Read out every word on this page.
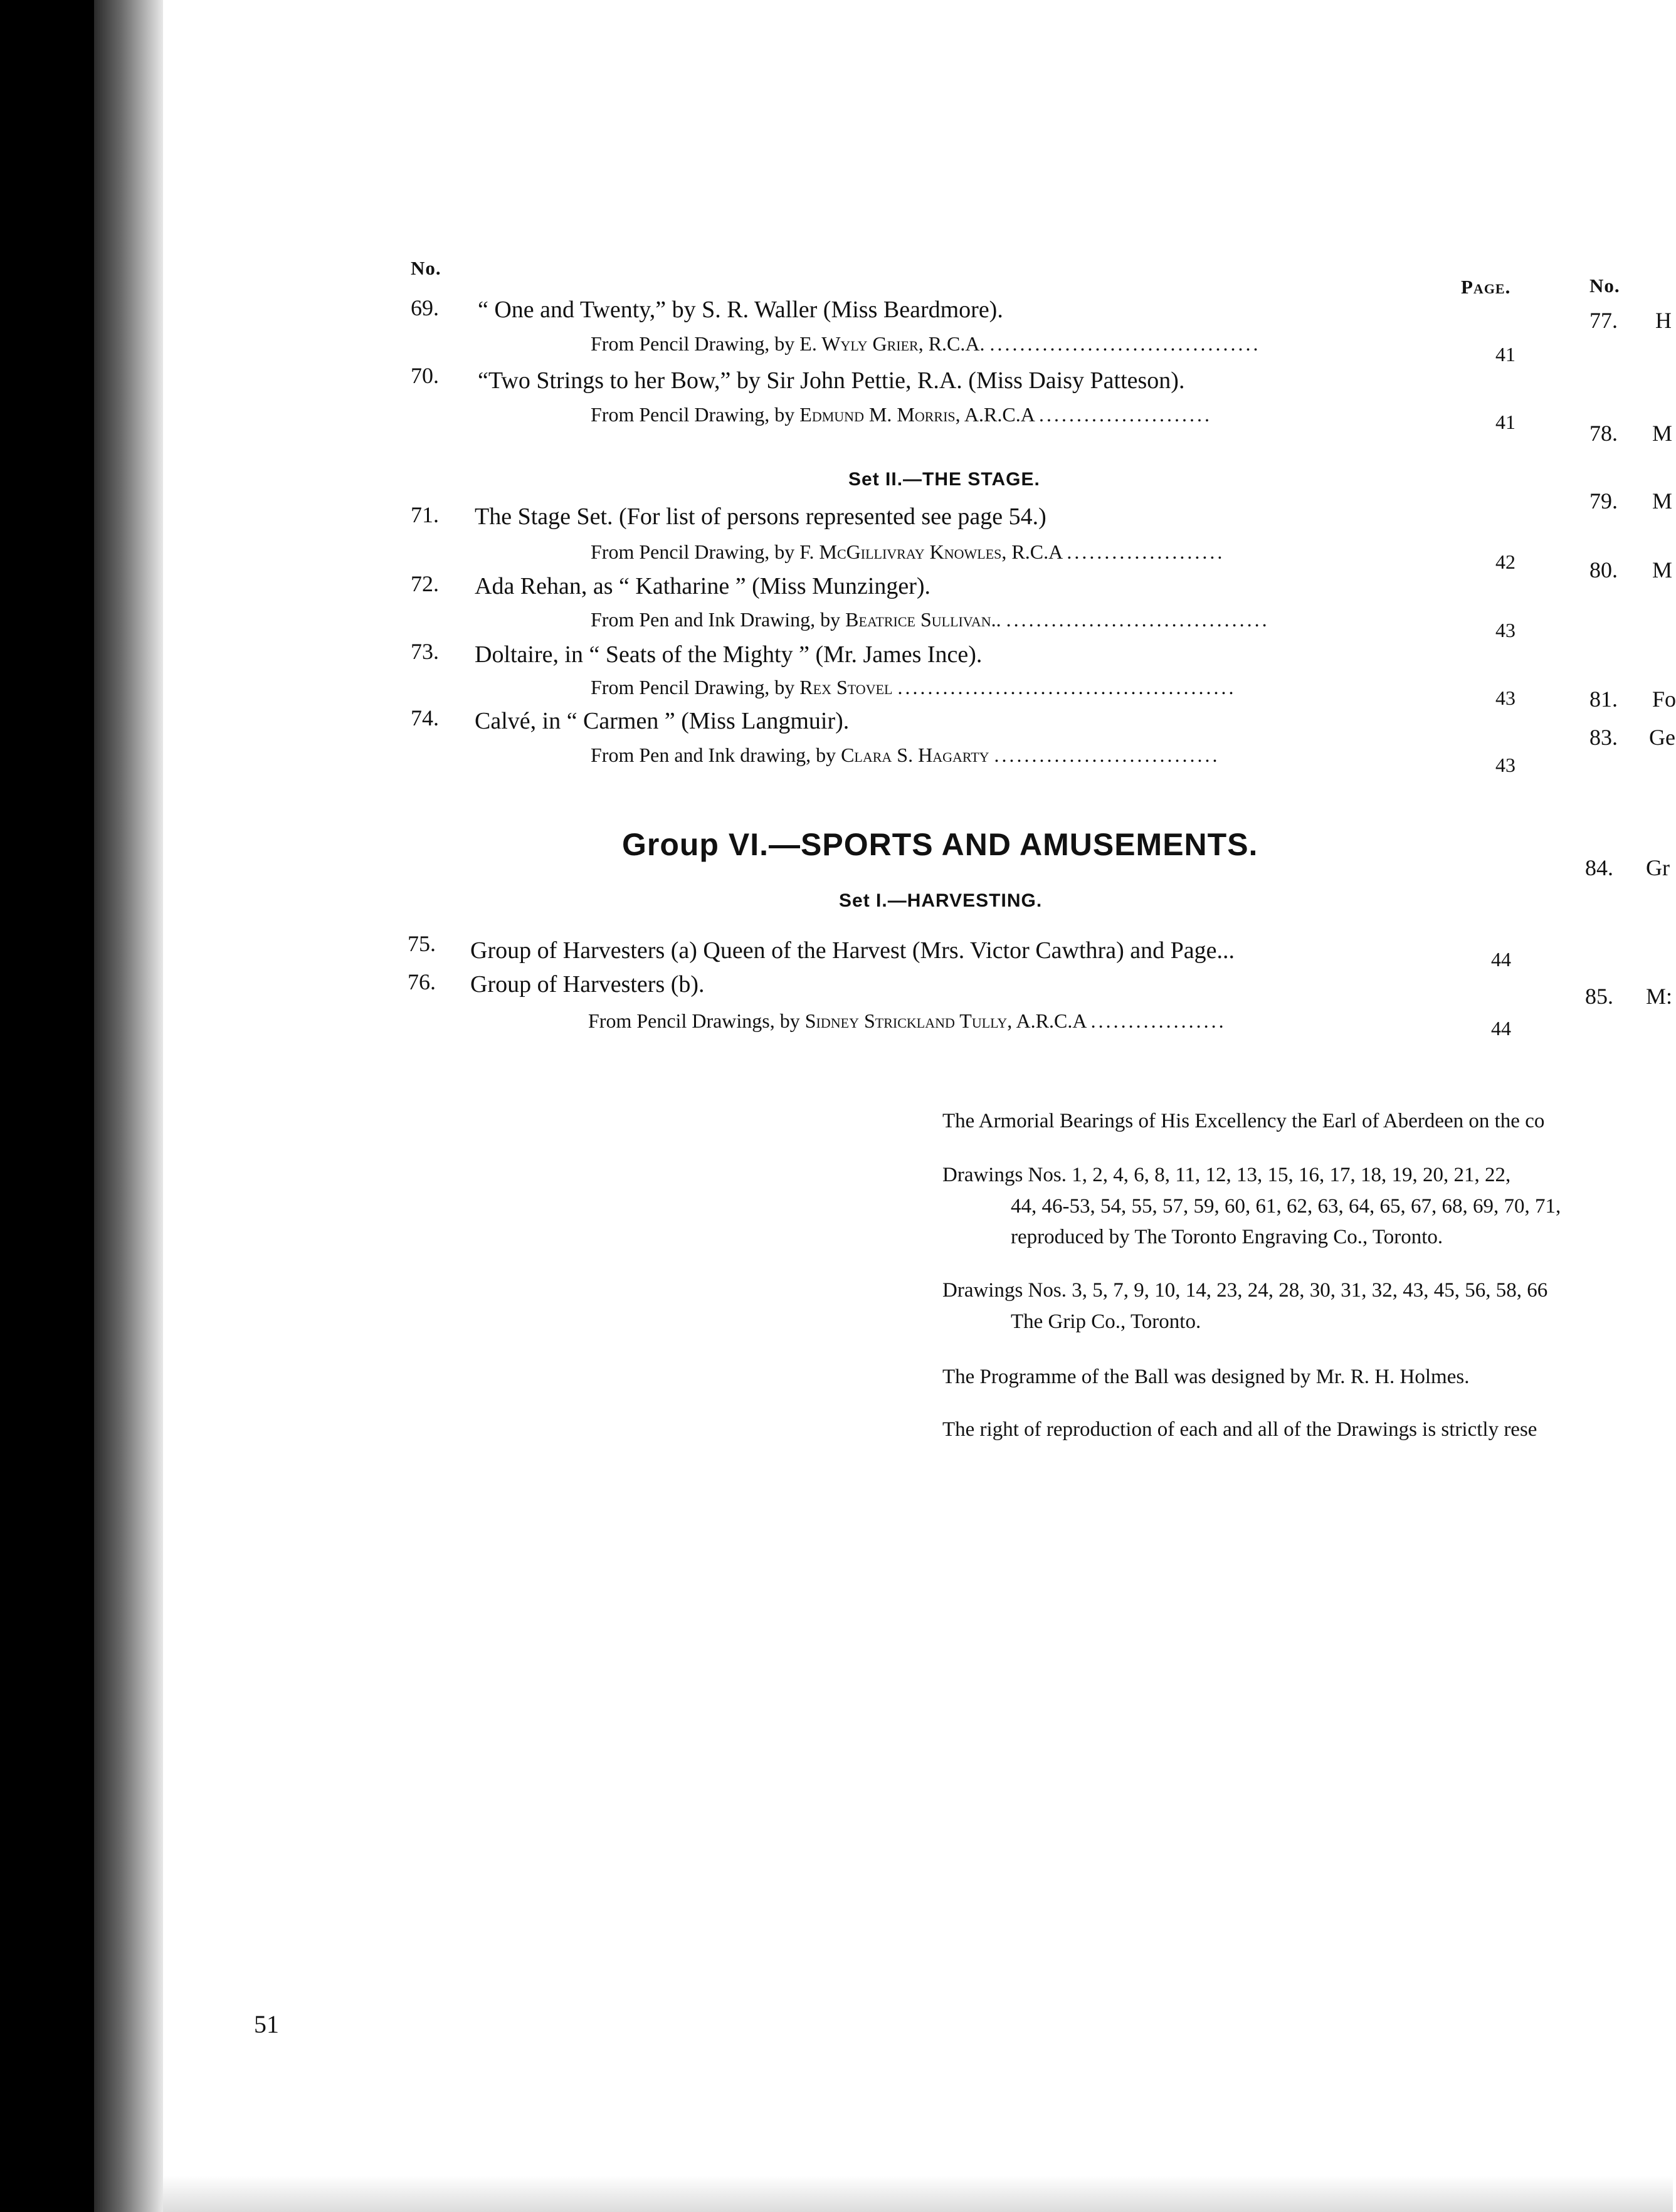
No.
Page.	No.
69. “ One and Twenty,” by S. R. Waller (Miss Beardmore).
From Pencil Drawing, by E. Wyly Grier, R.C.A. ....................................	41
70. “Two Strings to her Bow,” by Sir John Pettie, R.A. (Miss Daisy Patteson).
From Pencil Drawing, by Edmund M. Morris, A.R.C.A .......................	41
Set II.—THE STAGE.
71. The Stage Set. (For list of persons represented see page 54.)
From Pencil Drawing, by F. McGillivray Knowles, R.C.A .....................	42
72. Ada Rehan, as “ Katharine ” (Miss Munzinger).
From Pen and Ink Drawing, by Beatrice Sullivan.. ...................................	43
73. Doltaire, in “ Seats of the Mighty ” (Mr. James Ince).
From Pencil Drawing, by Rex Stovel .............................................	43
74. Calvé, in “ Carmen ” (Miss Langmuir).
From Pen and Ink drawing, by Clara S. Hagarty ..............................	43
Group VI.—SPORTS AND AMUSEMENTS.
Set I.—HARVESTING.
75. Group of Harvesters (a) Queen of the Harvest (Mrs. Victor Cawthra) and Page...	44
76. Group of Harvesters (b).
From Pencil Drawings, by Sidney Strickland Tully, A.R.C.A ..................	44
77. H
78. M
79. M
80. M
81. Fo
83. Ge
84. Gr
85. M:
The Armorial Bearings of His Excellency the Earl of Aberdeen on the co
Drawings Nos. 1, 2, 4, 6, 8, 11, 12, 13, 15, 16, 17, 18, 19, 20, 21, 22,
44, 46-53, 54, 55, 57, 59, 60, 61, 62, 63, 64, 65, 67, 68, 69, 70, 71,
reproduced by The Toronto Engraving Co., Toronto.
Drawings Nos. 3, 5, 7, 9, 10, 14, 23, 24, 28, 30, 31, 32, 43, 45, 56, 58, 66
The Grip Co., Toronto.
The Programme of the Ball was designed by Mr. R. H. Holmes.
The right of reproduction of each and all of the Drawings is strictly rese
51
